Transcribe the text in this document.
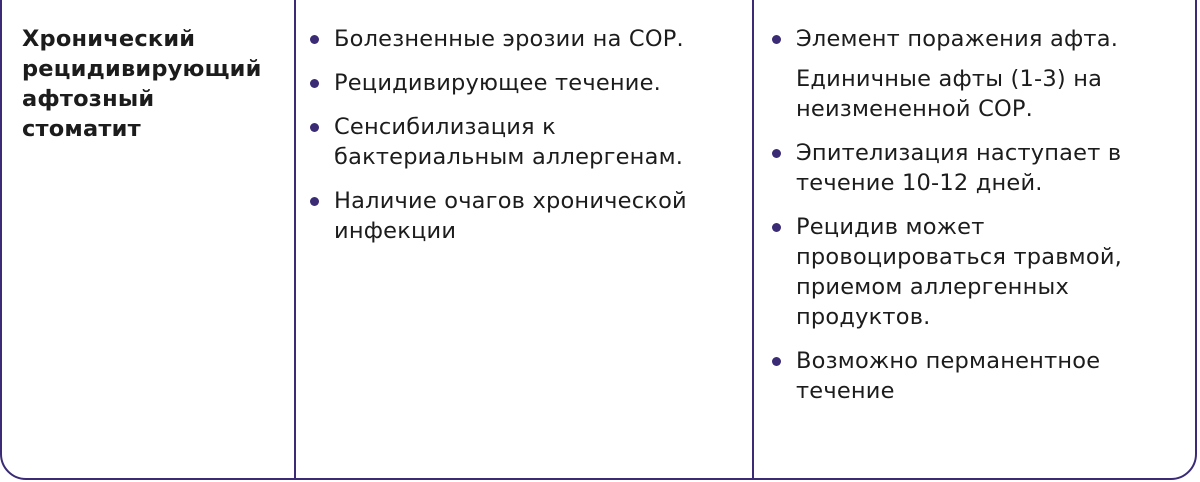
Хронический
рецидивирующий
афтозный
стоматит
Болезненные эрозии на СОР.
Рецидивирующее течение.
Сенсибилизация к
бактериальным аллергенам.
Наличие очагов хронической
инфекции
Элемент поражения афта.
Единичные афты (1-3) на
неизмененной СОР.
Эпителизация наступает в
течение 10-12 дней.
Рецидив может
провоцироваться травмой,
приемом аллергенных
продуктов.
Возможно перманентное
течение
